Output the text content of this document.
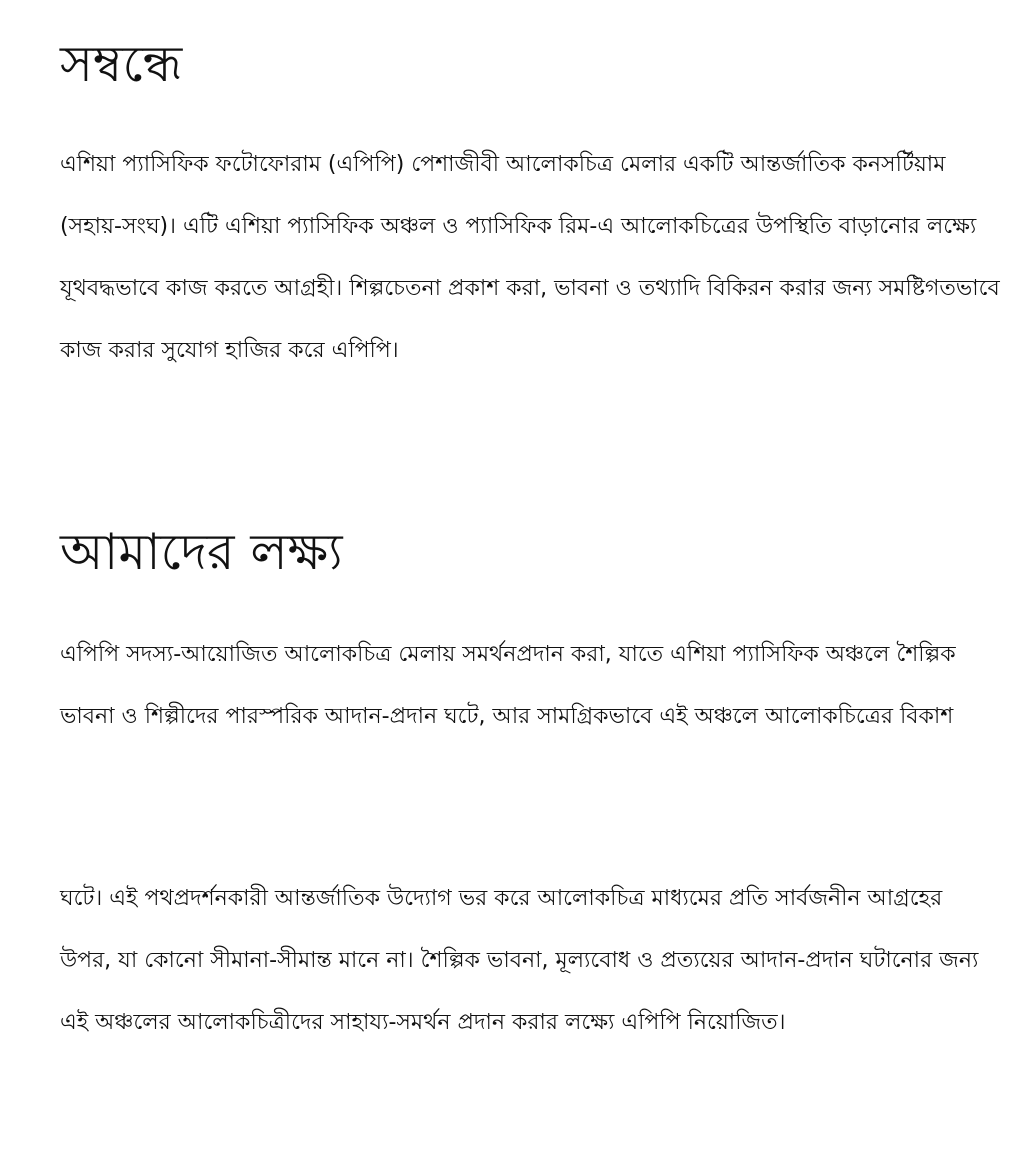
সম্বন্ধে

এশিয়া প্যাসিফিক ফটোফোরাম (এপিপি) পেশাজীবী আলোকচিত্র মেলার একটি আন্তর্জাতিক কনসর্টিয়াম (সহায়-সংঘ)। এটি এশিয়া প্যাসিফিক অঞ্চল ও প্যাসিফিক রিম-এ আলোকচিত্রের উপস্থিতি বাড়ানোর লক্ষ্যে যূথবদ্ধভাবে কাজ করতে আগ্রহী। শিল্পচেতনা প্রকাশ করা, ভাবনা ও তথ্যাদি বিকিরন করার জন্য সমষ্টিগতভাবে কাজ করার সুযোগ হাজির করে এপিপি।

আমাদের লক্ষ্য

এপিপি সদস্য-আয়োজিত আলোকচিত্র মেলায় সমর্থনপ্রদান করা, যাতে এশিয়া প্যাসিফিক অঞ্চলে শৈল্পিক ভাবনা ও শিল্পীদের পারস্পরিক আদান-প্রদান ঘটে, আর সামগ্রিকভাবে এই অঞ্চলে আলোকচিত্রের বিকাশ

ঘটে। এই পথপ্রদর্শনকারী আন্তর্জাতিক উদ্যোগ ভর করে আলোকচিত্র মাধ্যমের প্রতি সার্বজনীন আগ্রহের উপর, যা কোনো সীমানা-সীমান্ত মানে না। শৈল্পিক ভাবনা, মূল্যবোধ ও প্রত্যয়ের আদান-প্রদান ঘটানোর জন্য এই অঞ্চলের আলোকচিত্রীদের সাহায্য-সমর্থন প্রদান করার লক্ষ্যে এপিপি নিয়োজিত।
